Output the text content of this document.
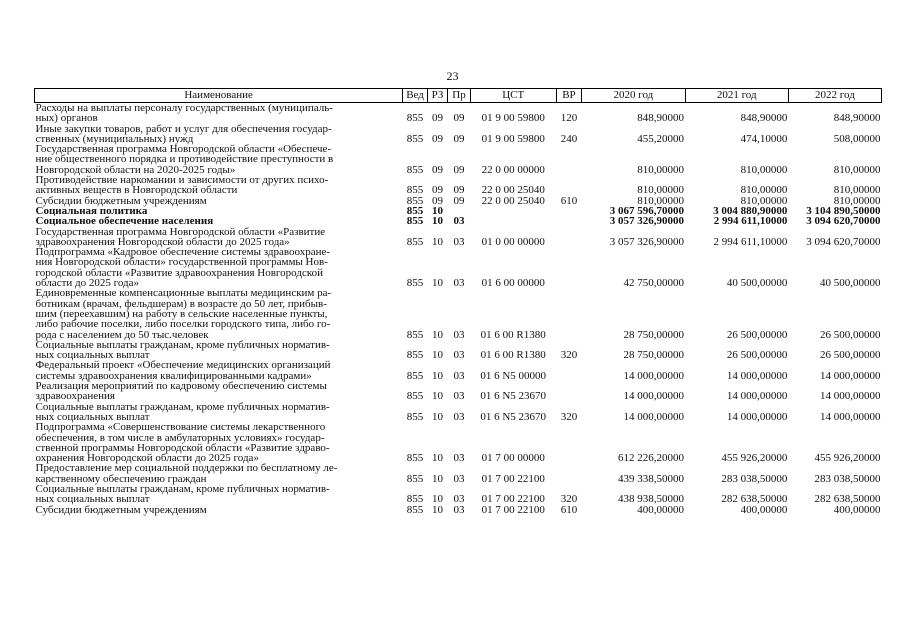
23
Наименование	Вед	РЗ	Пр	ЦСТ	ВР	2020 год	2021 год	2022 год

Расходы на выплаты персоналу государственных (муниципаль-
ных) органов	855	09	09	01 9 00 59800	120	848,90000	848,90000	848,90000

Иные закупки товаров, работ и услуг для обеспечения государ-
ственных (муниципальных) нужд	855	09	09	01 9 00 59800	240	455,20000	474,10000	508,00000

Государственная программа Новгородской области «Обеспече-
ние общественного порядка и противодействие преступности в
Новгородской области на 2020-2025 годы»	855	09	09	22 0 00 00000		810,00000	810,00000	810,00000

Противодействие наркомании и зависимости от других психо-
активных веществ в Новгородской области	855	09	09	22 0 00 25040		810,00000	810,00000	810,00000

Субсидии бюджетным учреждениям	855	09	09	22 0 00 25040	610	810,00000	810,00000	810,00000

Социальная политика	855	10				3 067 596,70000	3 004 880,90000	3 104 890,50000

Социальное обеспечение населения	855	10	03			3 057 326,90000	2 994 611,10000	3 094 620,70000

Государственная программа Новгородской области «Развитие
здравоохранения Новгородской области до 2025 года»	855	10	03	01 0 00 00000		3 057 326,90000	2 994 611,10000	3 094 620,70000

Подпрограмма «Кадровое обеспечение системы здравоохране-
ния Новгородской области» государственной программы Нов-
городской области «Развитие здравоохранения Новгородской
области до 2025 года»	855	10	03	01 6 00 00000		42 750,00000	40 500,00000	40 500,00000

Единовременные компенсационные выплаты медицинским ра-
ботникам (врачам, фельдшерам) в возрасте до 50 лет, прибыв-
шим (переехавшим) на работу в сельские населенные пункты,
либо рабочие поселки, либо поселки городского типа, либо го-
рода с населением до 50 тыс.человек	855	10	03	01 6 00 R1380		28 750,00000	26 500,00000	26 500,00000

Социальные выплаты гражданам, кроме публичных норматив-
ных социальных выплат	855	10	03	01 6 00 R1380	320	28 750,00000	26 500,00000	26 500,00000

Федеральный проект «Обеспечение медицинских организаций
системы здравоохранения квалифицированными кадрами»	855	10	03	01 6 N5 00000		14 000,00000	14 000,00000	14 000,00000

Реализация мероприятий по кадровому обеспечению системы
здравоохранения	855	10	03	01 6 N5 23670		14 000,00000	14 000,00000	14 000,00000

Социальные выплаты гражданам, кроме публичных норматив-
ных социальных выплат	855	10	03	01 6 N5 23670	320	14 000,00000	14 000,00000	14 000,00000

Подпрограмма «Совершенствование системы лекарственного
обеспечения, в том числе в амбулаторных условиях» государ-
ственной программы Новгородской области «Развитие здраво-
охранения Новгородской области до 2025 года»	855	10	03	01 7 00 00000		612 226,20000	455 926,20000	455 926,20000

Предоставление мер социальной поддержки по бесплатному ле-
карственному обеспечению граждан	855	10	03	01 7 00 22100		439 338,50000	283 038,50000	283 038,50000

Социальные выплаты гражданам, кроме публичных норматив-
ных социальных выплат	855	10	03	01 7 00 22100	320	438 938,50000	282 638,50000	282 638,50000

Субсидии бюджетным учреждениям	855	10	03	01 7 00 22100	610	400,00000	400,00000	400,00000
